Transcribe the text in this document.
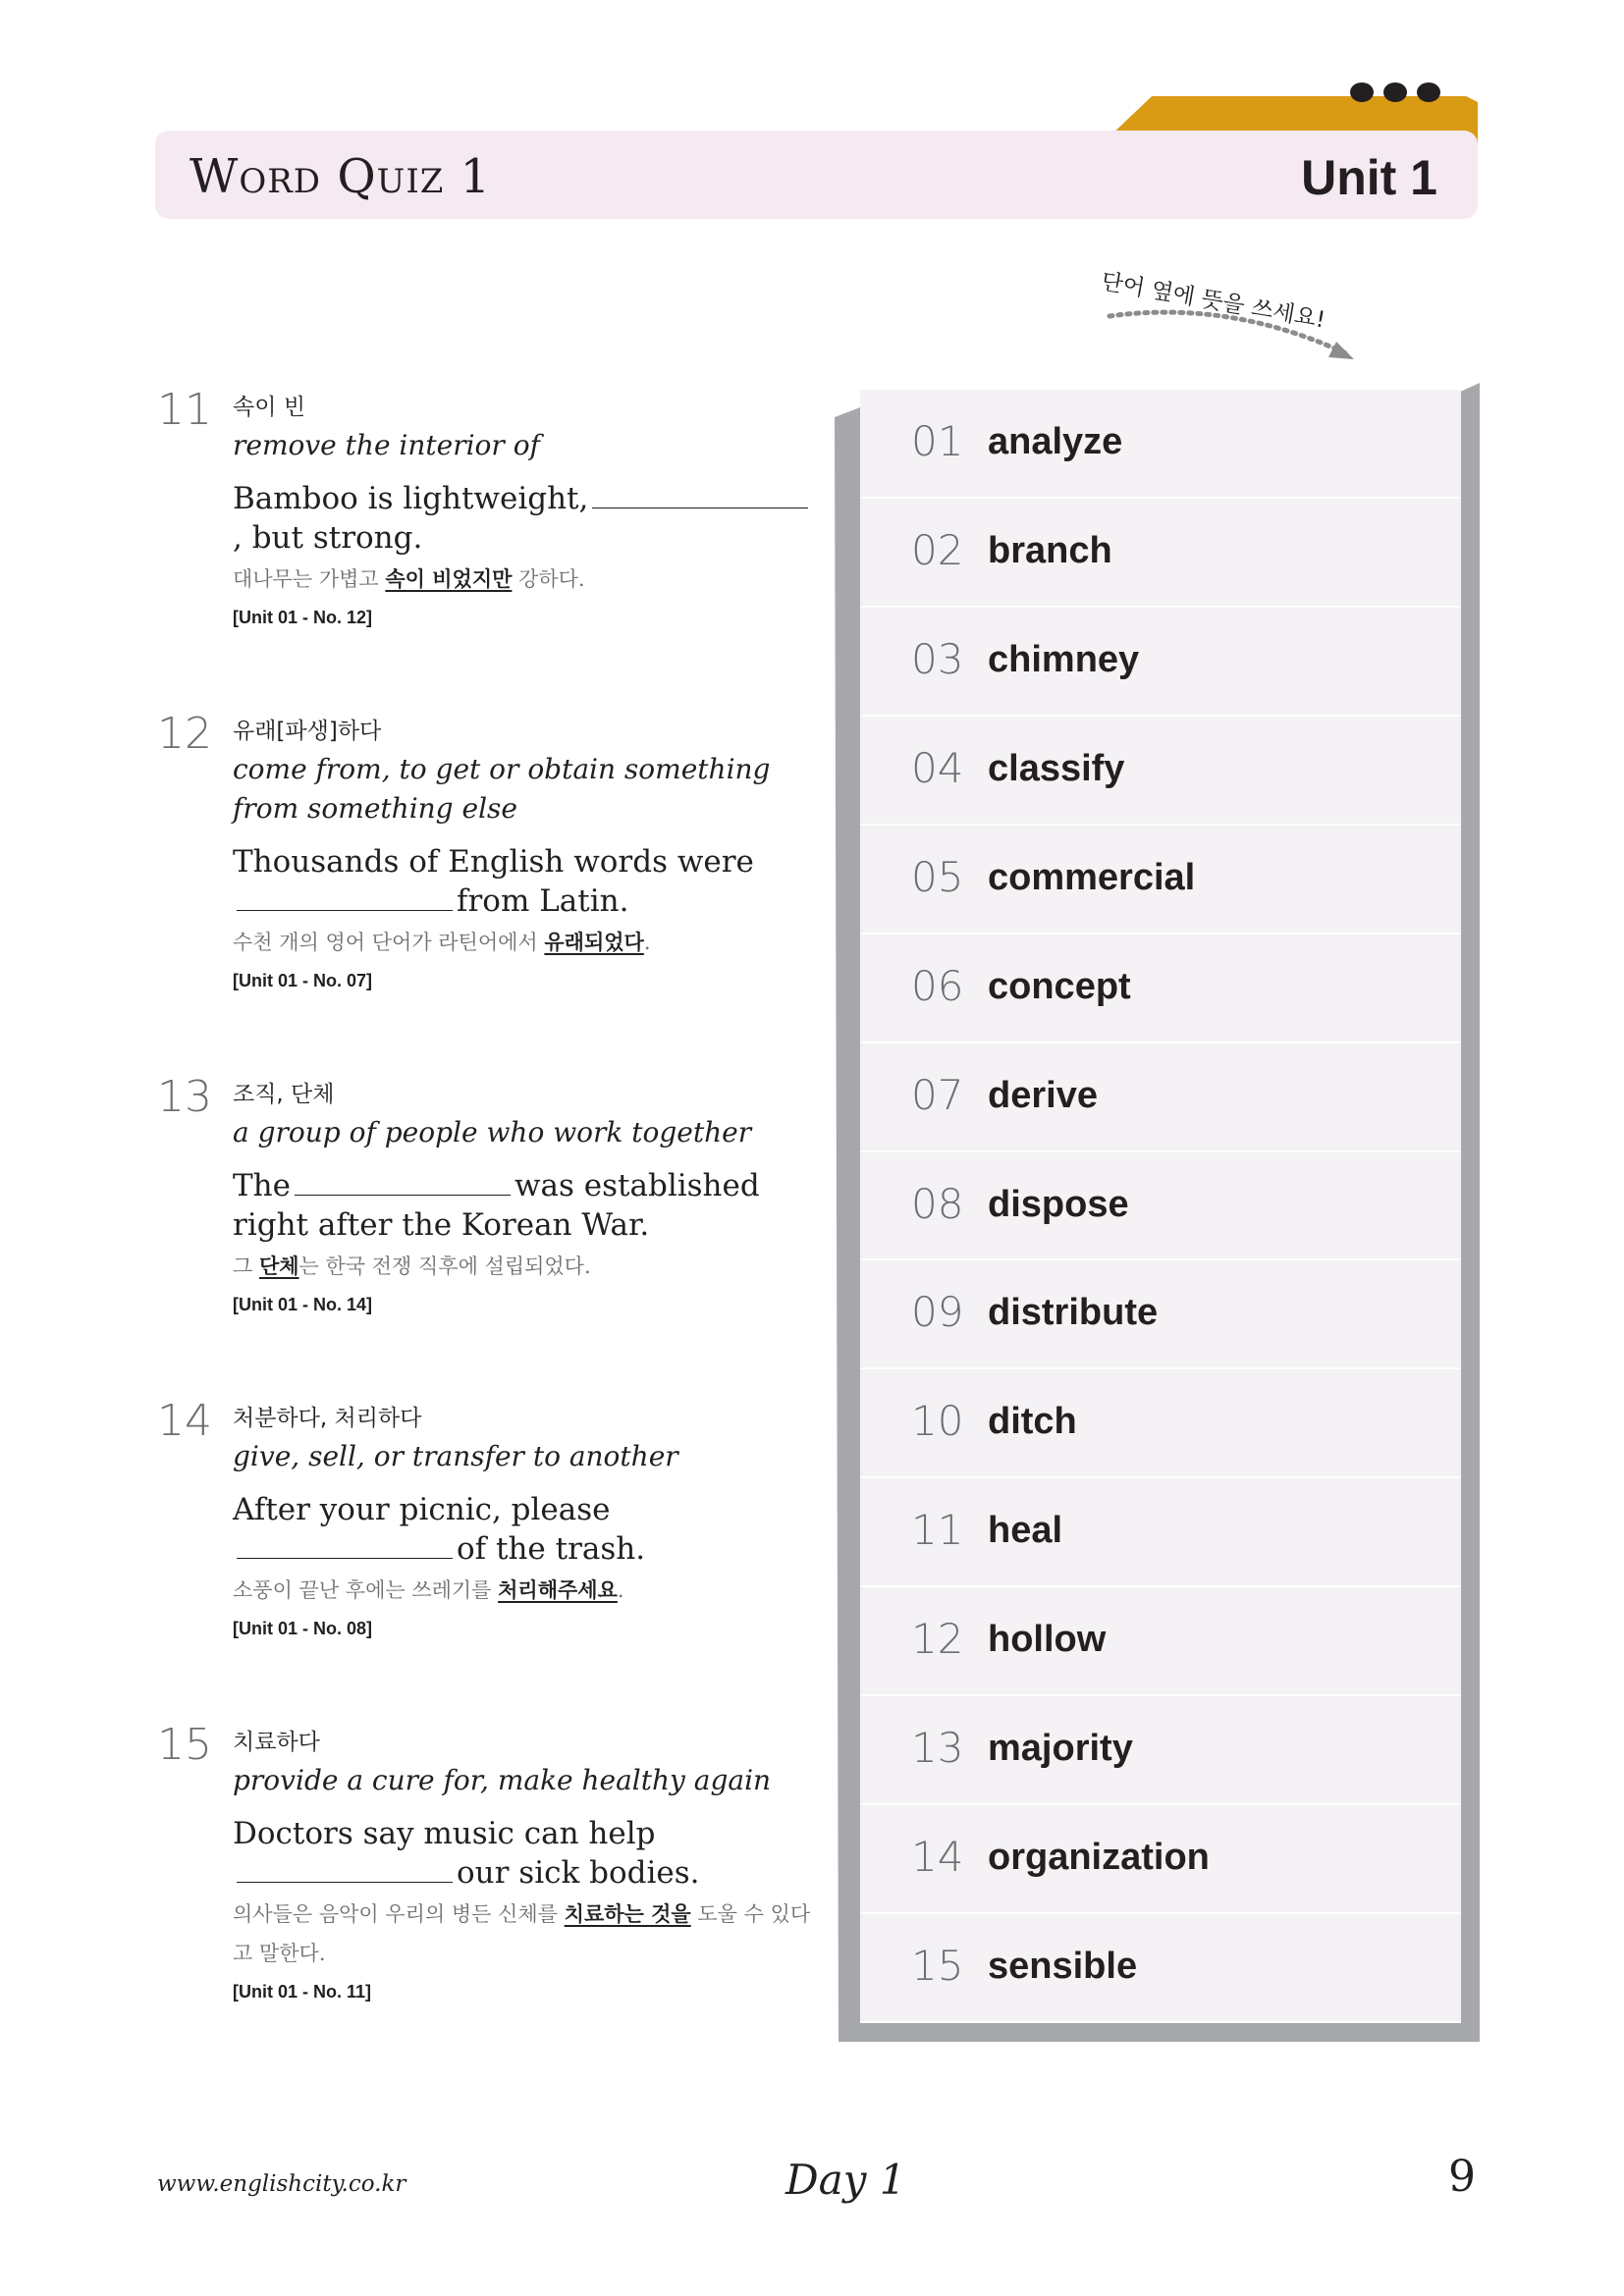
Word Quiz 1	Unit 1
단어 옆에 뜻을 쓰세요!
11 속이 빈
remove the interior of
Bamboo is lightweight,, but strong.
대나무는 가볍고 속이 비었지만 강하다.
[Unit 01 - No. 12]
12 유래[파생]하다
come from, to get or obtain something from something else
Thousands of English words werefrom Latin.
수천 개의 영어 단어가 라틴어에서 유래되었다.
[Unit 01 - No. 07]
13 조직, 단체
a group of people who work together
The	was established right after the Korean War.
그 단체는 한국 전쟁 직후에 설립되었다.
[Unit 01 - No. 14]
14 처분하다, 처리하다
give, sell, or transfer to another
After your picnic, pleaseof the trash.
소풍이 끝난 후에는 쓰레기를 처리해주세요.
[Unit 01 - No. 08]
15 치료하다
provide a cure for, make healthy again
Doctors say music can helpour sick bodies.
의사들은 음악이 우리의 병든 신체를 치료하는 것을 도울 수 있다고 말한다.
[Unit 01 - No. 11]
01 analyze
02 branch
03 chimney
04 classify
05 commercial
06 concept
07 derive
08 dispose
09 distribute
10 ditch
11 heal
12 hollow
13 majority
14 organization
15 sensible
www.englishcity.co.kr	Day 1	9
